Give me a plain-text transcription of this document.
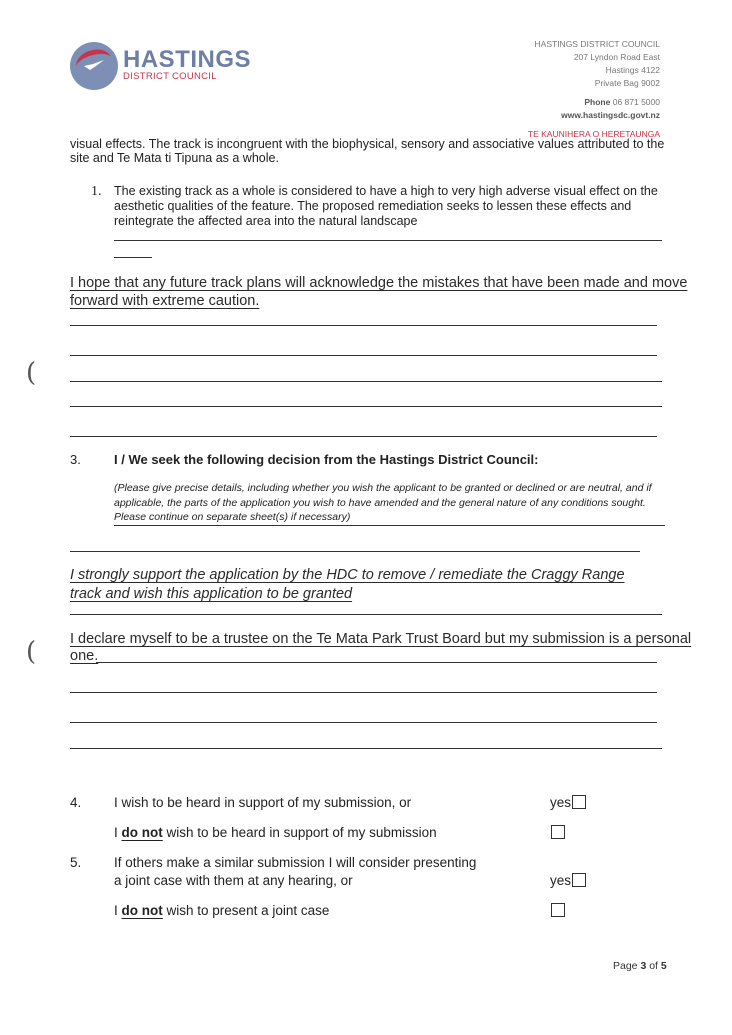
HASTINGS
DISTRICT COUNCIL
HASTINGS DISTRICT COUNCIL
207 Lyndon Road East
Hastings 4122
Private Bag 9002
Phone 06 871 5000
www.hastingsdc.govt.nz
TE KAUNIHERA O HERETAUNGA
visual effects. The track is incongruent with the biophysical, sensory and associative values attributed to the
site and Te Mata ti Tipuna as a whole.
1. The existing track as a whole is considered to have a high to very high adverse visual effect on the aesthetic qualities of the feature. The proposed remediation seeks to lessen these effects and reintegrate the affected area into the natural landscape
I hope that any future track plans will acknowledge the mistakes that have been made and move
forward with extreme caution.
(
3.	I / We seek the following decision from the Hastings District Council:
(Please give precise details, including whether you wish the applicant to be granted or declined or are neutral, and if applicable, the parts of the application you wish to have amended and the general nature of any conditions sought. Please continue on separate sheet(s) if necessary)
I strongly support the application by the HDC to remove / remediate the Craggy Range
track and wish this application to be granted
I declare myself to be a trustee on the Te Mata Park Trust Board but my submission is a personal
one.
(
4. I wish to be heard in support of my submission, or	yes
I do not wish to be heard in support of my submission
5. If others make a similar submission I will consider presenting
a joint case with them at any hearing, or	yes
I do not wish to present a joint case
Page 3 of 5
